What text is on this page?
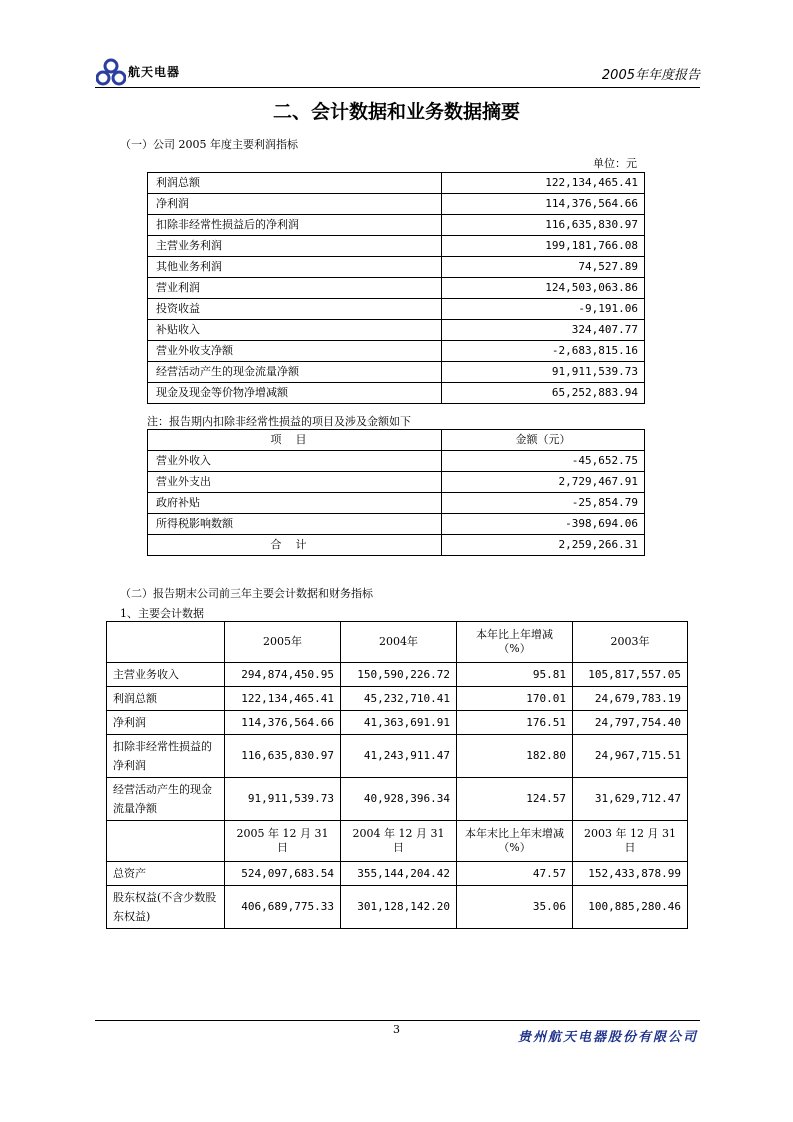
航天电器	2005年年度报告
二、会计数据和业务数据摘要
（一）公司 2005 年度主要利润指标
单位：元
利润总额	122,134,465.41
净利润	114,376,564.66
扣除非经常性损益后的净利润	116,635,830.97
主营业务利润	199,181,766.08
其他业务利润	74,527.89
营业利润	124,503,063.86
投资收益	-9,191.06
补贴收入	324,407.77
营业外收支净额	-2,683,815.16
经营活动产生的现金流量净额	91,911,539.73
现金及现金等价物净增减额	65,252,883.94
注：报告期内扣除非经常性损益的项目及涉及金额如下
项目	金额（元）
营业外收入	-45,652.75
营业外支出	2,729,467.91
政府补贴	-25,854.79
所得税影响数额	-398,694.06
合计	2,259,266.31
（二）报告期末公司前三年主要会计数据和财务指标
1、主要会计数据
	2005年	2004年	本年比上年增减（%）	2003年
主营业务收入	294,874,450.95	150,590,226.72	95.81	105,817,557.05
利润总额	122,134,465.41	45,232,710.41	170.01	24,679,783.19
净利润	114,376,564.66	41,363,691.91	176.51	24,797,754.40
扣除非经常性损益的净利润	116,635,830.97	41,243,911.47	182.80	24,967,715.51
经营活动产生的现金流量净额	91,911,539.73	40,928,396.34	124.57	31,629,712.47
	2005 年 12 月 31 日	2004 年 12 月 31 日	本年末比上年末增减（%）	2003 年 12 月 31 日
总资产	524,097,683.54	355,144,204.42	47.57	152,433,878.99
股东权益(不含少数股东权益)	406,689,775.33	301,128,142.20	35.06	100,885,280.46
3
贵州航天电器股份有限公司
